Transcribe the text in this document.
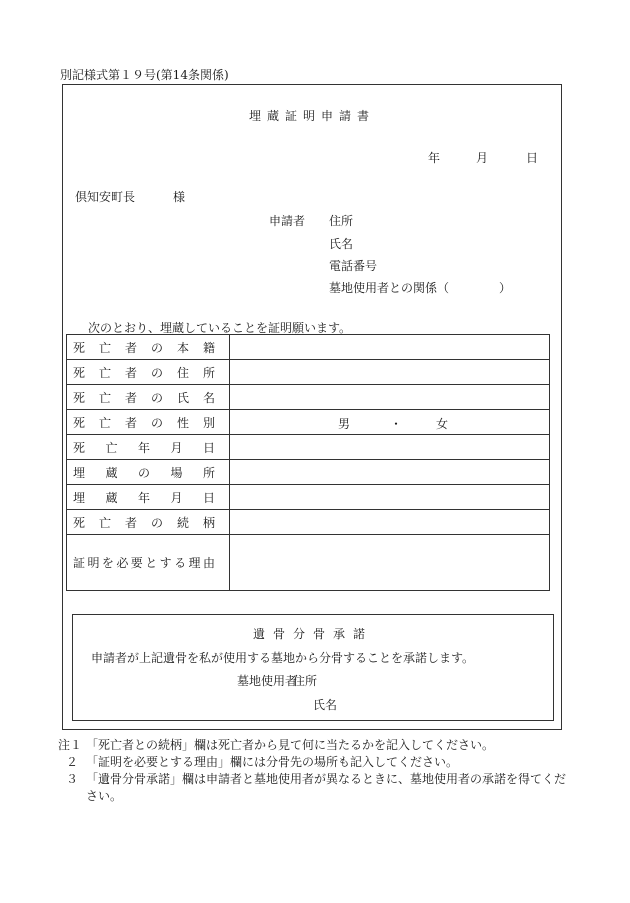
別記様式第１９号(第14条関係)
埋蔵証明申請書
年	月	日
倶知安町長	様
申請者 住所
氏名
電話番号
墓地使用者との関係（	）
次のとおり、埋蔵していることを証明願います。
死亡者の本籍	

死亡者の住所	

死亡者の氏名	

死亡者の性別	男 ・ 女

死亡年月日	

埋蔵の場所	

埋蔵年月日	

死亡者の続柄	

証明を必要とする理由	

遺骨分骨承諾
申請者が上記遺骨を私が使用する墓地から分骨することを承諾します。
墓地使用者
住所
氏名
注１ 「死亡者との続柄」欄は死亡者から見て何に当たるかを記入してください。
２ 「証明を必要とする理由」欄には分骨先の場所も記入してください。
３ 「遺骨分骨承諾」欄は申請者と墓地使用者が異なるときに、墓地使用者の承諾を得てください。
